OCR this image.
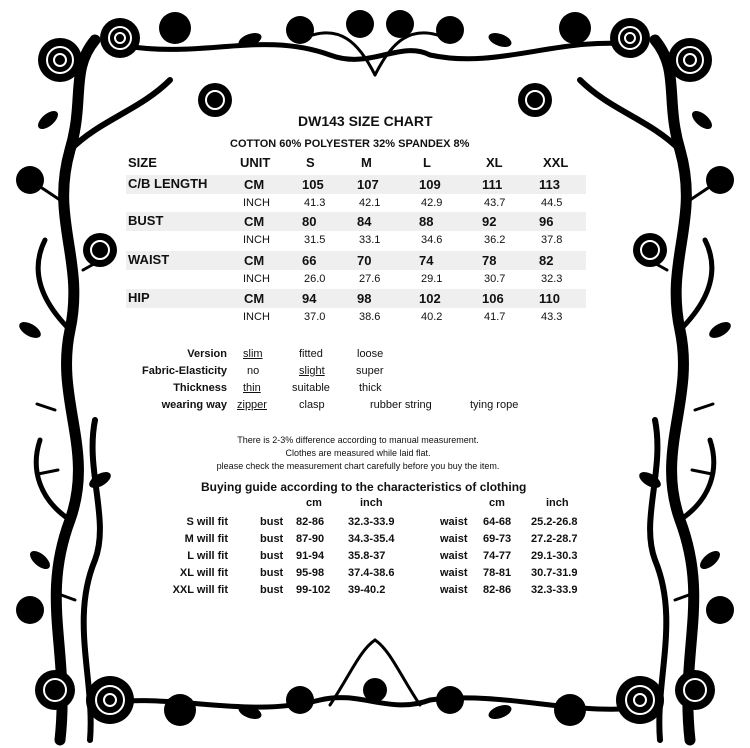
DW143 SIZE CHART
COTTON 60% POLYESTER 32% SPANDEX 8%
SIZE	UNIT	S	M	L	XL	XXL
C/B LENGTH	CM	105	107	109	111	113
INCH	41.3	42.1	42.9	43.7	44.5
BUST	CM	80	84	88	92	96
INCH	31.5	33.1	34.6	36.2	37.8
WAIST	CM	66	70	74	78	82
INCH	26.0	27.6	29.1	30.7	32.3
HIP	CM	94	98	102	106	110
INCH	37.0	38.6	40.2	41.7	43.3
Version slim	fitted	loose
Fabric-Elasticity no	slight	super
Thickness thin	suitable	thick
wearing way zipper	clasp	rubber string	tying rope
There is 2-3% difference according to manual measurement.
Clothes are measured while laid flat.
please check the measurement chart carefully before you buy the item.
Buying guide according to the characteristics of clothing
cm	inch	cm	inch
S will fit	bust 82-86 32.3-33.9	waist 64-68 25.2-26.8
M will fit	bust 87-90 34.3-35.4	waist 69-73 27.2-28.7
L will fit	bust 91-94 35.8-37	waist 74-77 29.1-30.3
XL will fit	bust 95-98 37.4-38.6	waist 78-81 30.7-31.9
XXL will fit	bust 99-102 39-40.2	waist 82-86 32.3-33.9
